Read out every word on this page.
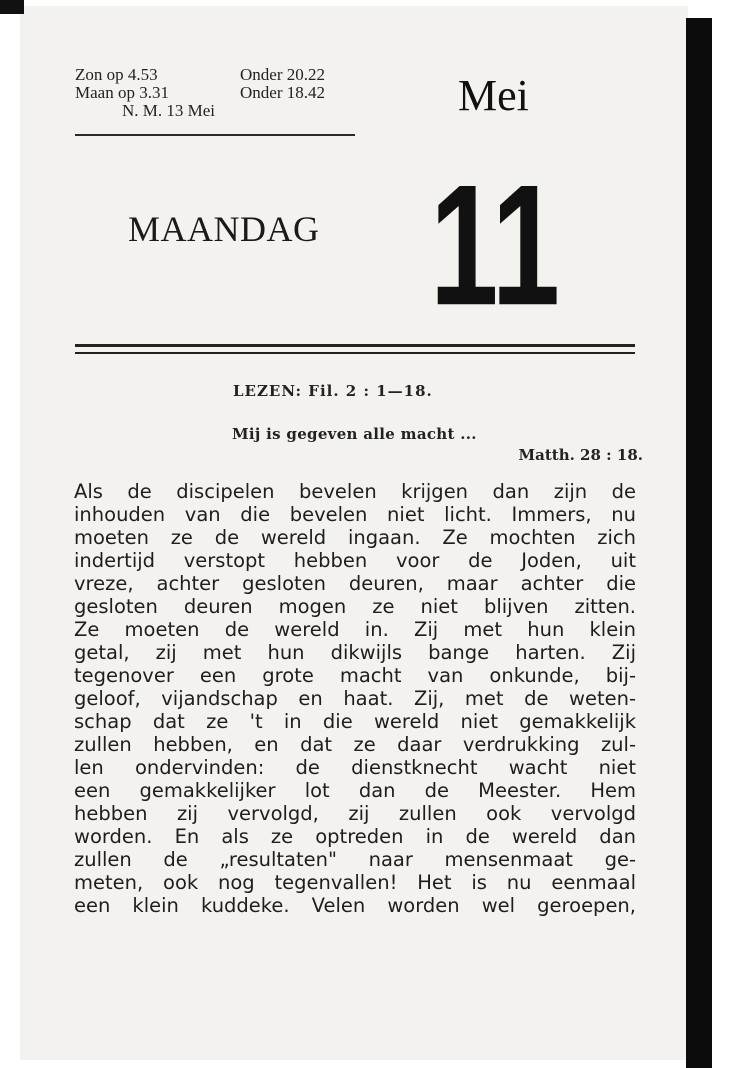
Zon op 4.53	Onder 20.22
Maan op 3.31	Onder 18.42
N. M. 13 Mei	Mei
MAANDAG 11
LEZEN: Fil. 2 : 1—18.
Mij is gegeven alle macht ...
Matth. 28 : 18.
Als de discipelen bevelen krijgen dan zijn de
inhouden van die bevelen niet licht. Immers, nu
moeten ze de wereld ingaan. Ze mochten zich
indertijd verstopt hebben voor de Joden, uit
vreze, achter gesloten deuren, maar achter die
gesloten deuren mogen ze niet blijven zitten.
Ze moeten de wereld in. Zij met hun klein
getal, zij met hun dikwijls bange harten. Zij
tegenover een grote macht van onkunde, bij-
geloof, vijandschap en haat. Zij, met de weten-
schap dat ze 't in die wereld niet gemakkelijk
zullen hebben, en dat ze daar verdrukking zul-
len ondervinden: de dienstknecht wacht niet
een gemakkelijker lot dan de Meester. Hem
hebben zij vervolgd, zij zullen ook vervolgd
worden. En als ze optreden in de wereld dan
zullen de „resultaten" naar mensenmaat ge-
meten, ook nog tegenvallen! Het is nu eenmaal
een klein kuddeke. Velen worden wel geroepen,
